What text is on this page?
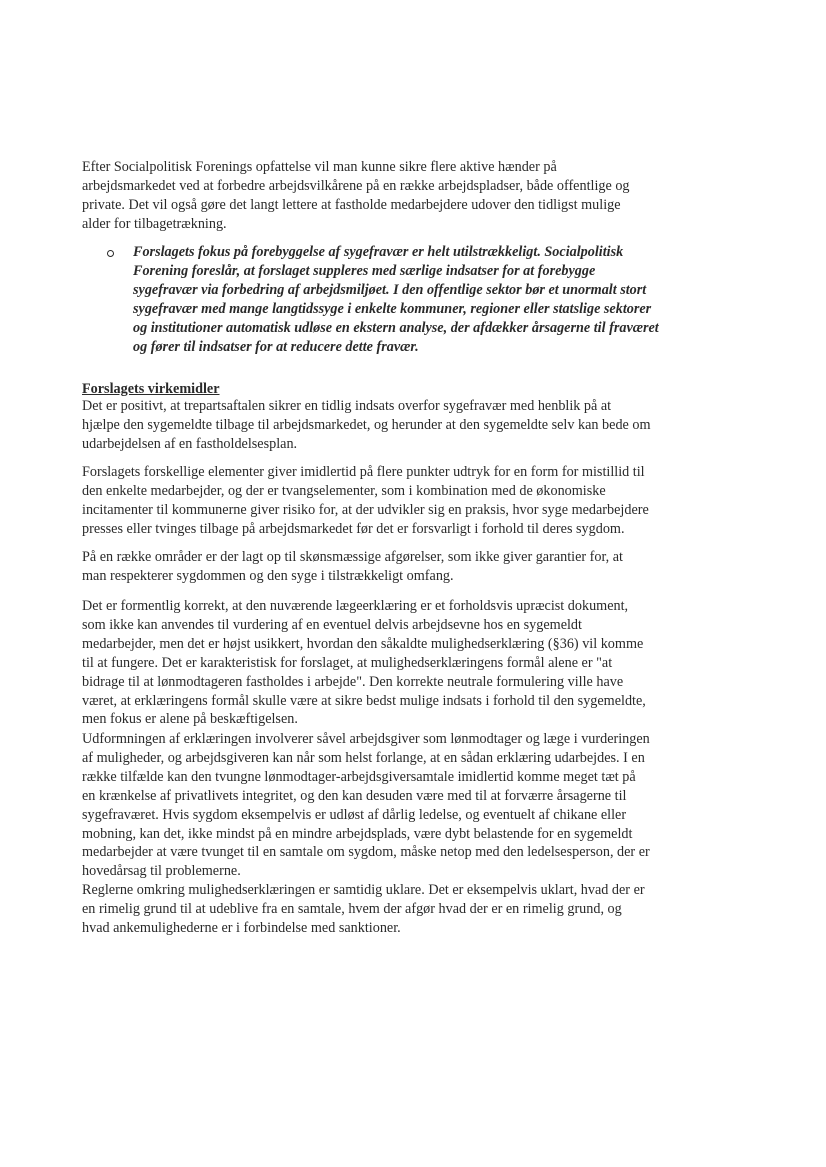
Efter Socialpolitisk Forenings opfattelse vil man kunne sikre flere aktive hænder på
arbejdsmarkedet ved at forbedre arbejdsvilkårene på en række arbejdspladser, både offentlige og
private. Det vil også gøre det langt lettere at fastholde medarbejdere udover den tidligst mulige
alder for tilbagetrækning.
Forslagets fokus på forebyggelse af sygefravær er helt utilstrækkeligt. Socialpolitisk
Forening foreslår, at forslaget suppleres med særlige indsatser for at forebygge
sygefravær via forbedring af arbejdsmiljøet. I den offentlige sektor bør et unormalt stort
sygefravær med mange langtidssyge i enkelte kommuner, regioner eller statslige sektorer
og institutioner automatisk udløse en ekstern analyse, der afdækker årsagerne til fraværet
og fører til indsatser for at reducere dette fravær.
Forslagets virkemidler
Det er positivt, at trepartsaftalen sikrer en tidlig indsats overfor sygefravær med henblik på at
hjælpe den sygemeldte tilbage til arbejdsmarkedet, og herunder at den sygemeldte selv kan bede om
udarbejdelsen af en fastholdelsesplan.
Forslagets forskellige elementer giver imidlertid på flere punkter udtryk for en form for mistillid til
den enkelte medarbejder, og der er tvangselementer, som i kombination med de økonomiske
incitamenter til kommunerne giver risiko for, at der udvikler sig en praksis, hvor syge medarbejdere
presses eller tvinges tilbage på arbejdsmarkedet før det er forsvarligt i forhold til deres sygdom.
På en række områder er der lagt op til skønsmæssige afgørelser, som ikke giver garantier for, at
man respekterer sygdommen og den syge i tilstrækkeligt omfang.
Det er formentlig korrekt, at den nuværende lægeerklæring er et forholdsvis upræcist dokument,
som ikke kan anvendes til vurdering af en eventuel delvis arbejdsevne hos en sygemeldt
medarbejder, men det er højst usikkert, hvordan den såkaldte mulighedserklæring (§36) vil komme
til at fungere. Det er karakteristisk for forslaget, at mulighedserklæringens formål alene er "at
bidrage til at lønmodtageren fastholdes i arbejde". Den korrekte neutrale formulering ville have
været, at erklæringens formål skulle være at sikre bedst mulige indsats i forhold til den sygemeldte,
men fokus er alene på beskæftigelsen.
Udformningen af erklæringen involverer såvel arbejdsgiver som lønmodtager og læge i vurderingen
af muligheder, og arbejdsgiveren kan når som helst forlange, at en sådan erklæring udarbejdes. I en
række tilfælde kan den tvungne lønmodtager-arbejdsgiversamtale imidlertid komme meget tæt på
en krænkelse af privatlivets integritet, og den kan desuden være med til at forværre årsagerne til
sygefraværet. Hvis sygdom eksempelvis er udløst af dårlig ledelse, og eventuelt af chikane eller
mobning, kan det, ikke mindst på en mindre arbejdsplads, være dybt belastende for en sygemeldt
medarbejder at være tvunget til en samtale om sygdom, måske netop med den ledelsesperson, der er
hovedårsag til problemerne.
Reglerne omkring mulighedserklæringen er samtidig uklare. Det er eksempelvis uklart, hvad der er
en rimelig grund til at udeblive fra en samtale, hvem der afgør hvad der er en rimelig grund, og
hvad ankemulighederne er i forbindelse med sanktioner.
